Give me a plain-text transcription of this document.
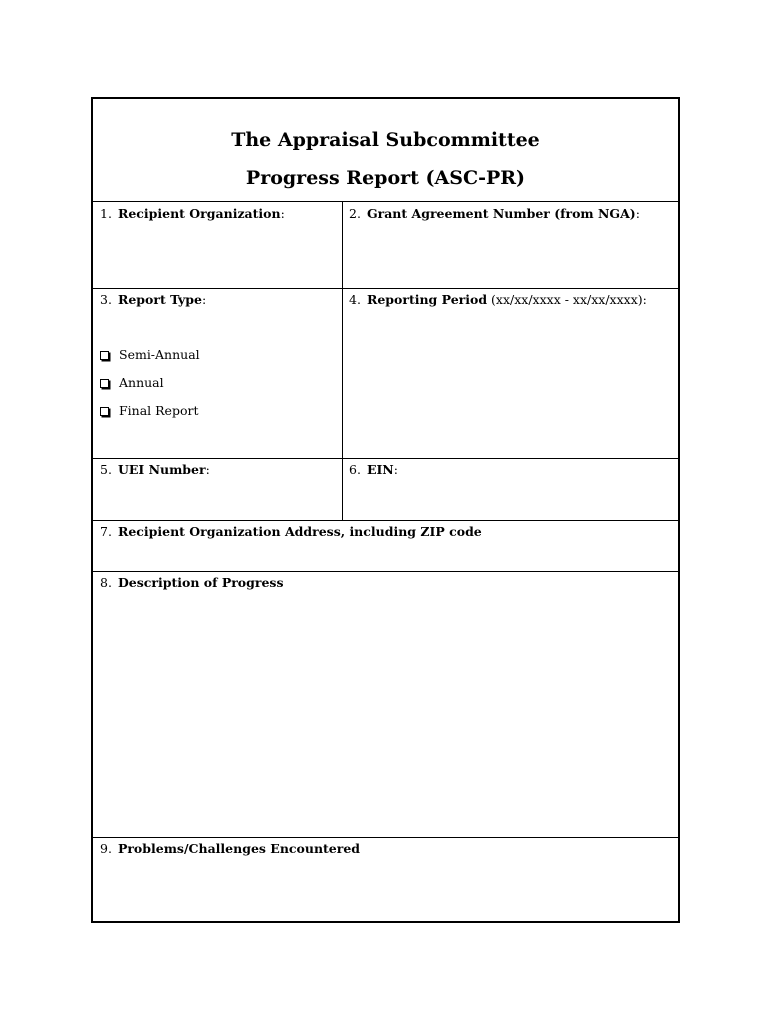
The Appraisal Subcommittee
Progress Report (ASC-PR)
1. Recipient Organization:	2. Grant Agreement Number (from NGA):
3. Report Type:
Semi-Annual
Annual
Final Report
4. Reporting Period (xx/xx/xxxx - xx/xx/xxxx):
5. UEI Number:	6. EIN:
7. Recipient Organization Address, including ZIP code
8. Description of Progress
9. Problems/Challenges Encountered
